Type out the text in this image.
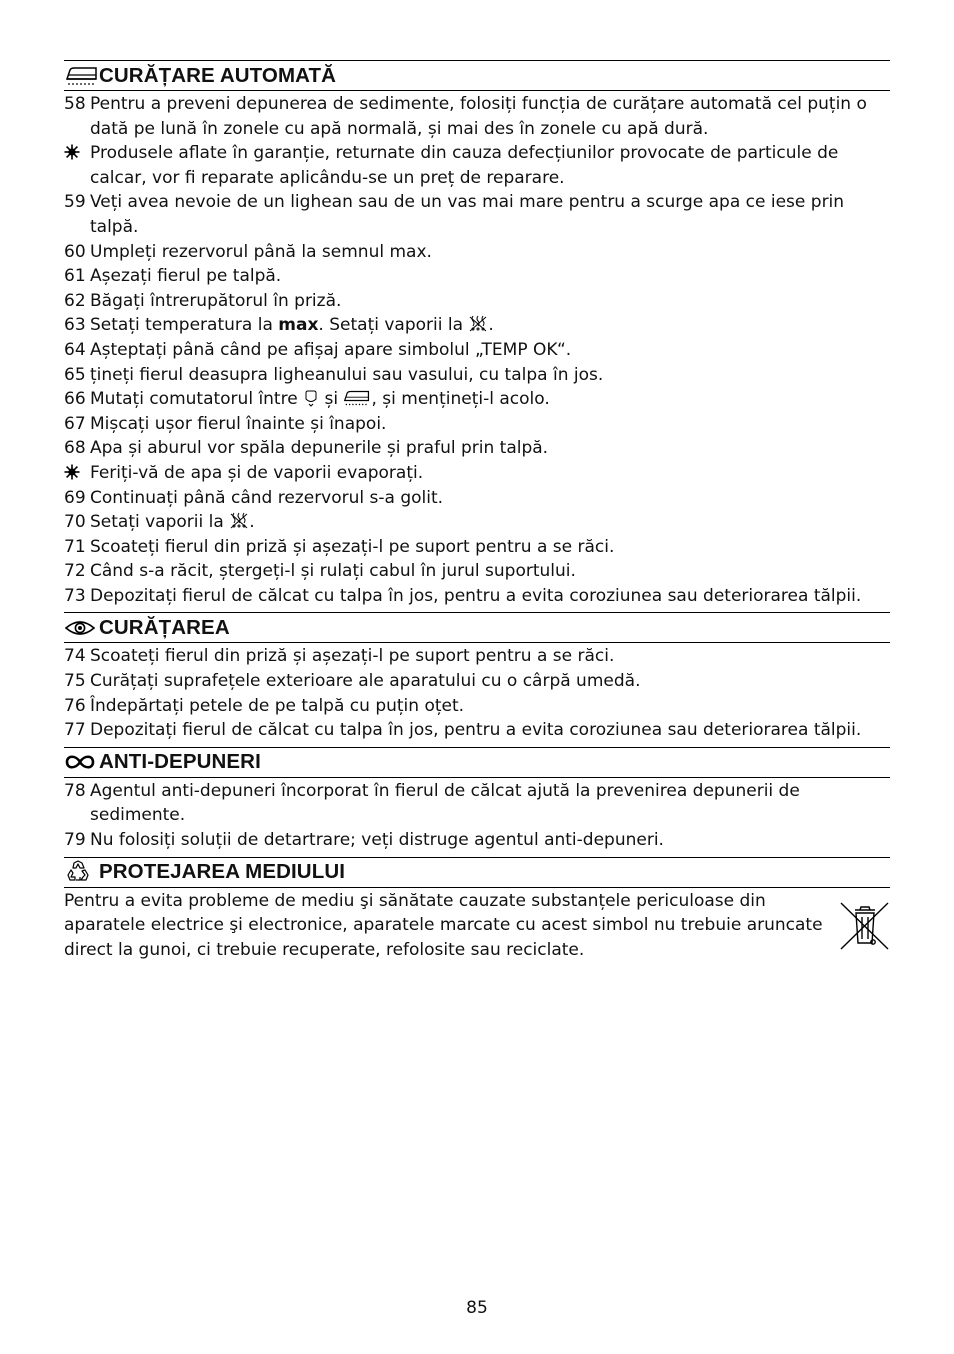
CURĂȚARE AUTOMATĂ
58 Pentru a preveni depunerea de sedimente, folosiți funcția de curățare automată cel puțin o dată pe lună în zonele cu apă normală, și mai des în zonele cu apă dură.
Produsele aflate în garanție, returnate din cauza defecțiunilor provocate de particule de calcar, vor fi reparate aplicându-se un preț de reparare.
59 Veți avea nevoie de un lighean sau de un vas mai mare pentru a scurge apa ce iese prin talpă.
60 Umpleți rezervorul până la semnul max.
61 Așezați fierul pe talpă.
62 Băgați întrerupătorul în priză.
63 Setați temperatura la max. Setați vaporii la .
64 Așteptați până când pe afișaj apare simbolul „TEMP OK“.
65 țineți fierul deasupra ligheanului sau vasului, cu talpa în jos.
66 Mutați comutatorul între  și , și mențineți-l acolo.
67 Mișcați ușor fierul înainte și înapoi.
68 Apa și aburul vor spăla depunerile și praful prin talpă.
Feriți-vă de apa și de vaporii evaporați.
69 Continuați până când rezervorul s-a golit.
70 Setați vaporii la .
71 Scoateți fierul din priză și așezați-l pe suport pentru a se răci.
72 Când s-a răcit, ștergeți-l și rulați cabul în jurul suportului.
73 Depozitați fierul de călcat cu talpa în jos, pentru a evita coroziunea sau deteriorarea tălpii.
CURĂȚAREA
74 Scoateți fierul din priză și așezați-l pe suport pentru a se răci.
75 Curățați suprafețele exterioare ale aparatului cu o cârpă umedă.
76 Îndepărtați petele de pe talpă cu puțin oțet.
77 Depozitați fierul de călcat cu talpa în jos, pentru a evita coroziunea sau deteriorarea tălpii.
ANTI-DEPUNERI
78 Agentul anti-depuneri încorporat în fierul de călcat ajută la prevenirea depunerii de sedimente.
79 Nu folosiți soluții de detartrare; veți distruge agentul anti-depuneri.
PROTEJAREA MEDIULUI
Pentru a evita probleme de mediu şi sănătate cauzate substanțele periculoase din aparatele electrice şi electronice, aparatele marcate cu acest simbol nu trebuie aruncate direct la gunoi, ci trebuie recuperate, refolosite sau reciclate.
85
